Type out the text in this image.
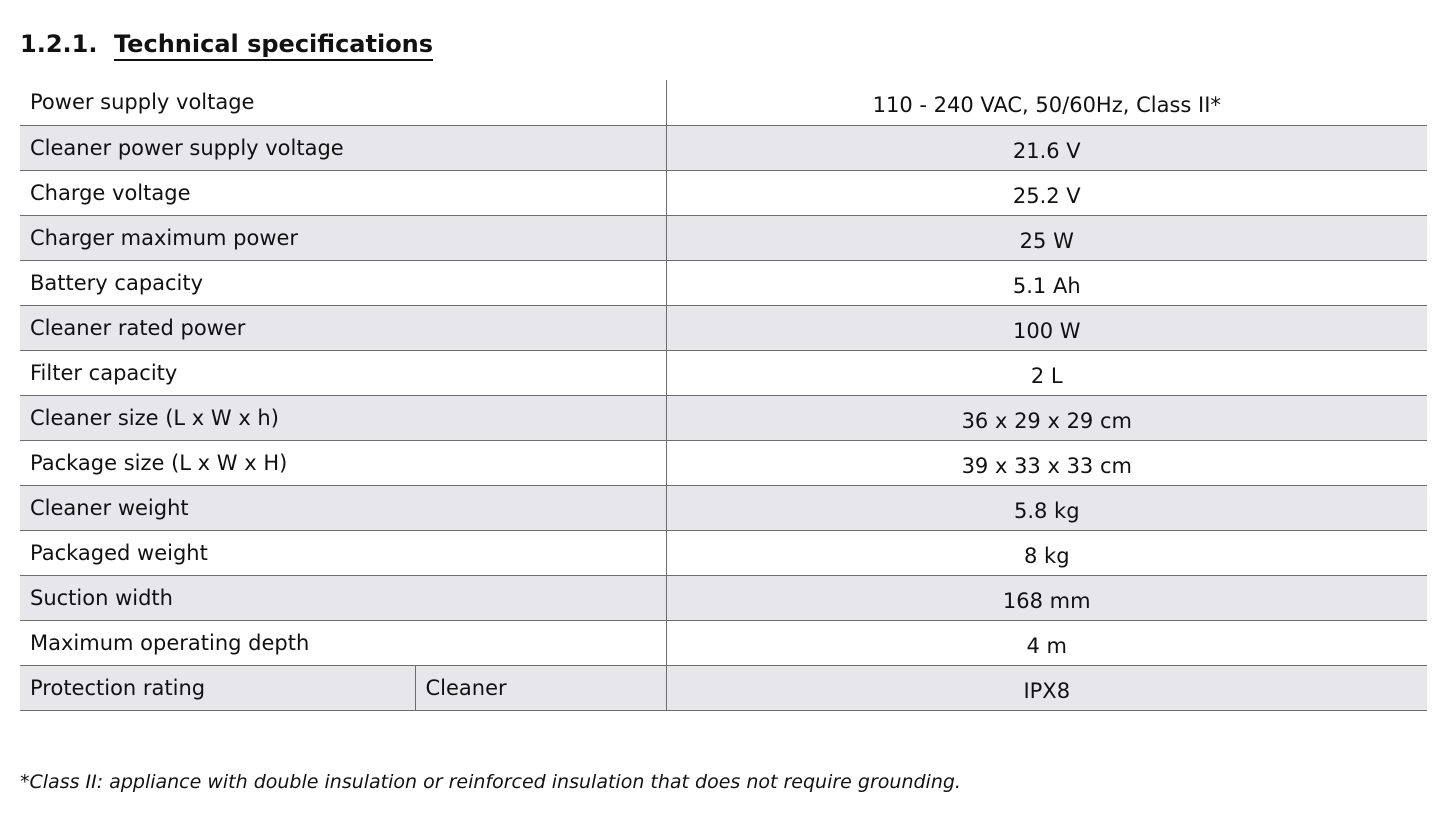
1.2.1. Technical specifications
Power supply voltage		110 - 240 VAC, 50/60Hz, Class II*
Cleaner power supply voltage		21.6 V
Charge voltage		25.2 V
Charger maximum power		25 W
Battery capacity		5.1 Ah
Cleaner rated power		100 W
Filter capacity		2 L
Cleaner size (L x W x h)		36 x 29 x 29 cm
Package size (L x W x H)		39 x 33 x 33 cm
Cleaner weight		5.8 kg
Packaged weight		8 kg
Suction width		168 mm
Maximum operating depth		4 m
Protection rating	Cleaner	IPX8
*Class II: appliance with double insulation or reinforced insulation that does not require grounding.
